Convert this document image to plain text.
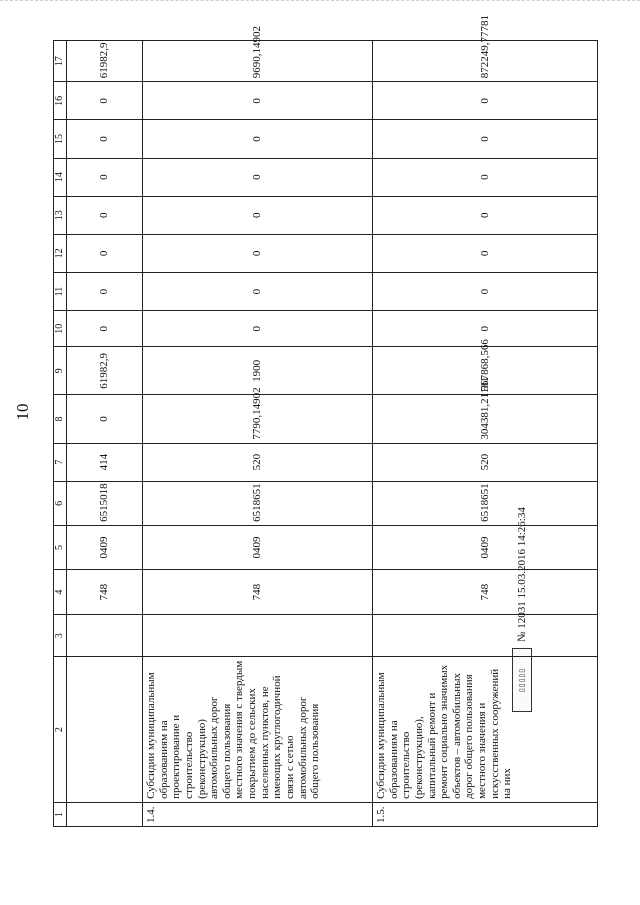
10
▯▯▯▯▯
№ 12031 15.03.2016 14:26:34
1	2	3	4	5	6	7	8	9	10	11	12	13	14	15	16	17
			748	0409	6515018	414	0	61982,9	0	0	0	0	0	0	0	61982,9
1.4.	Субсидии муниципальным образованиям на проектирование и строительство (реконструкцию) автомобильных дорог общего пользования местного значения с твердым покрытием до сельских населенных пунктов, не имеющих круглогодичной связи с сетью автомобильных дорог общего пользования		748	0409	6518651	520	7790,14902	1900	0	0	0	0	0	0	0	9690,14902
1.5.	Субсидии муниципальным образованиям на строительство (реконструкцию), капитальный ремонт и ремонт социально значимых объектов – автомобильных дорог общего пользования местного значения и искусственных сооружений на них		748	0409	6518651	520	304381,21181	567868,566	0	0	0	0	0	0	0	872249,77781
